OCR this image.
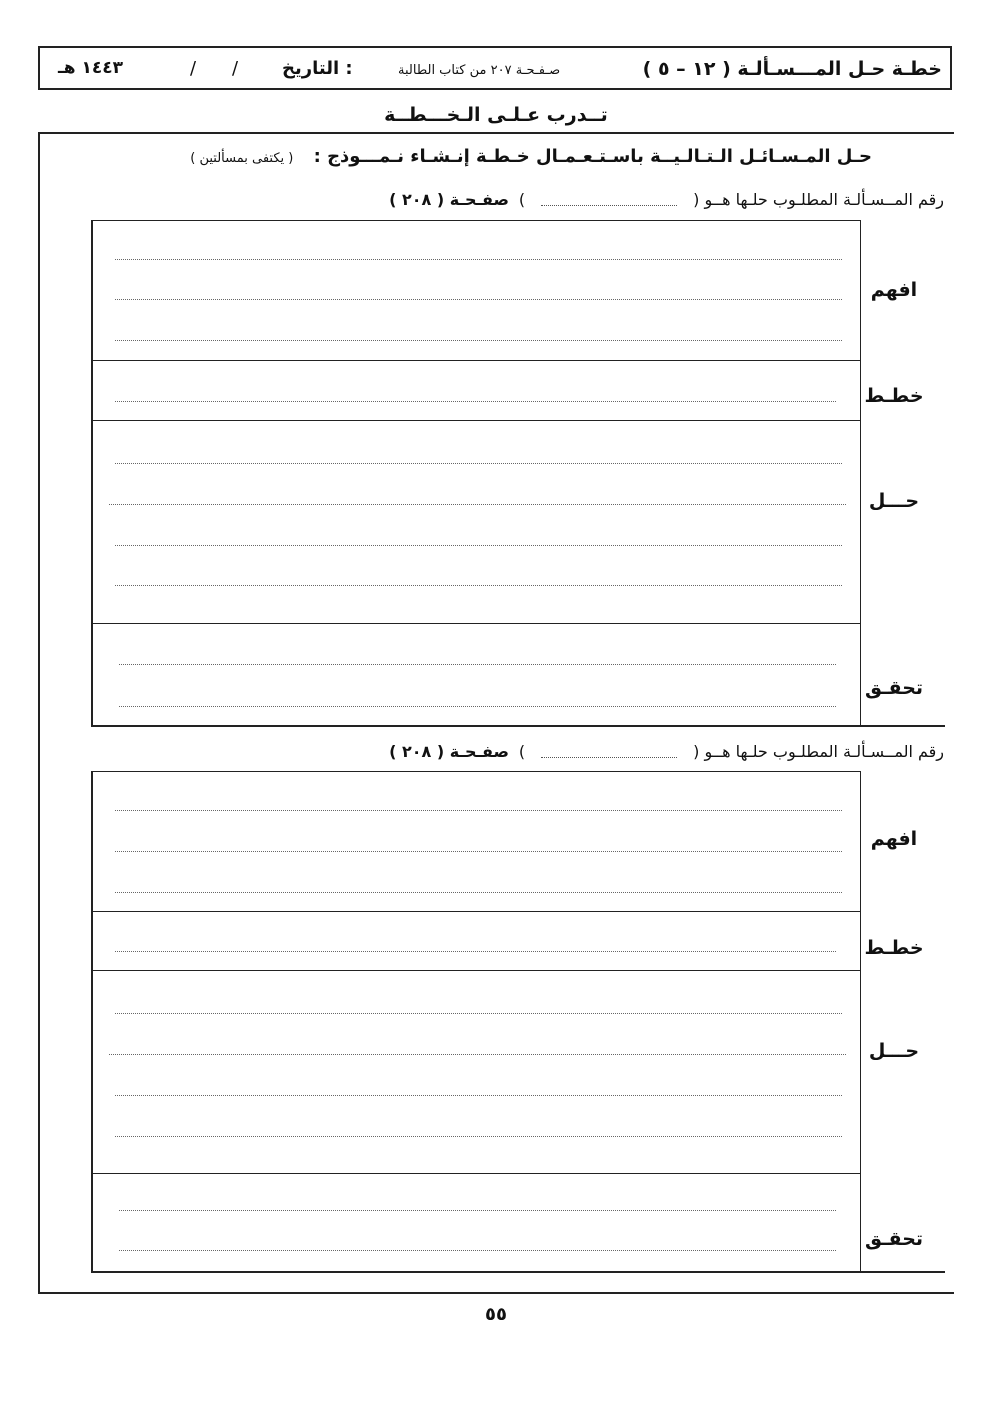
( ١٢ – ٥ ) خطـة حـل المـــسـألـة
صـفـحـة ٢٠٧ من كتاب الطالبة
التاريخ :
/
/
١٤٤٣ هـ
تــدرب عـلـى الـخـــطــة
حـل المـسـائـل الـتـالـيــة باسـتـعـمـال خـطـة إنـشـاء نـمـــوذج : ( يكتفى بمسألتين )
رقم المــسـألـة المطلـوب حلـها هــو ()صفـحـة ( ٢٠٨ )
افهم
خطـط
حـــل
تحقـق
رقم المــسـألـة المطلـوب حلـها هــو ()صفـحـة ( ٢٠٨ )
افهم
خطـط
حـــل
تحقـق
٥٥
